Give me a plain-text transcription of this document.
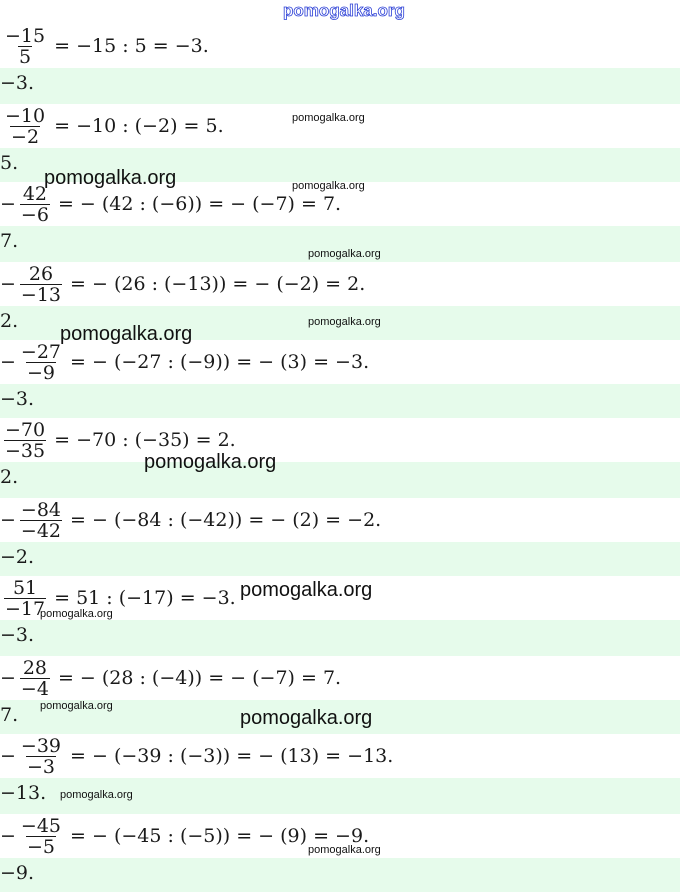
$\frac{-15}{5} = -15$ : 5 = −3.
−3.
$\frac{-10}{-2} = -10$ : (−2) = 5.
5.
− $\frac{42}{-6}$ = − (42 : (−6)) = − (−7) = 7.
7.
− $\frac{26}{-13}$ = − (26 : (−13)) = − (−2) = 2.
2.
− $\frac{-27}{-9}$ = − (−27 : (−9)) = − (3) = −3.
−3.
$\frac{-70}{-35} = -70$ : (−35) = 2.
2.
− $\frac{-84}{-42}$ = − (−84 : (−42)) = − (2) = −2.
−2.
$\frac{51}{-17} = 51$ : (−17) = −3.
−3.
− $\frac{28}{-4}$ = − (28 : (−4)) = − (−7) = 7.
7.
− $\frac{-39}{-3}$ = − (−39 : (−3)) = − (13) = −13.
−13.
− $\frac{-45}{-5}$ = − (−45 : (−5)) = − (9) = −9.
−9.
pomogalka.org
pomogalka.org
pomogalka.org	pomogalka.org
pomogalka.org
pomogalka.org
pomogalka.org
pomogalka.org
pomogalka.org
pomogalka.org
pomogalka.org
pomogalka.org
pomogalka.org
pomogalka.org
